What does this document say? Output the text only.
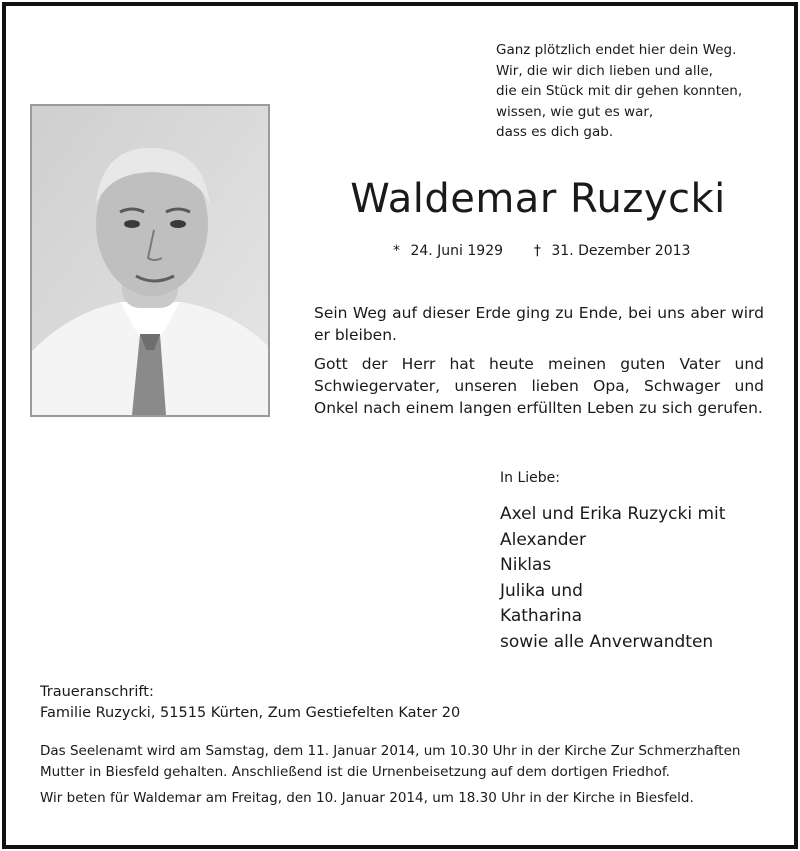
Ganz plötzlich endet hier dein Weg.
Wir, die wir dich lieben und alle,
die ein Stück mit dir gehen konnten,
wissen, wie gut es war,
dass es dich gab.
Waldemar Ruzycki
* 24. Juni 1929 † 31. Dezember 2013

Sein Weg auf dieser Erde ging zu Ende, bei uns aber wird er bleiben.

Gott der Herr hat heute meinen guten Vater und Schwiegervater, unseren lieben Opa, Schwager und Onkel nach einem langen erfüllten Leben zu sich gerufen.

In Liebe:
Axel und Erika Ruzycki mit
Alexander
Niklas
Julika und
Katharina
sowie alle Anverwandten
Traueranschrift:
Familie Ruzycki, 51515 Kürten, Zum Gestiefelten Kater 20

Das Seelenamt wird am Samstag, dem 11. Januar 2014, um 10.30 Uhr in der Kirche Zur Schmerzhaften Mutter in Biesfeld gehalten. Anschließend ist die Urnenbeisetzung auf dem dortigen Friedhof.

Wir beten für Waldemar am Freitag, den 10. Januar 2014, um 18.30 Uhr in der Kirche in Biesfeld.
